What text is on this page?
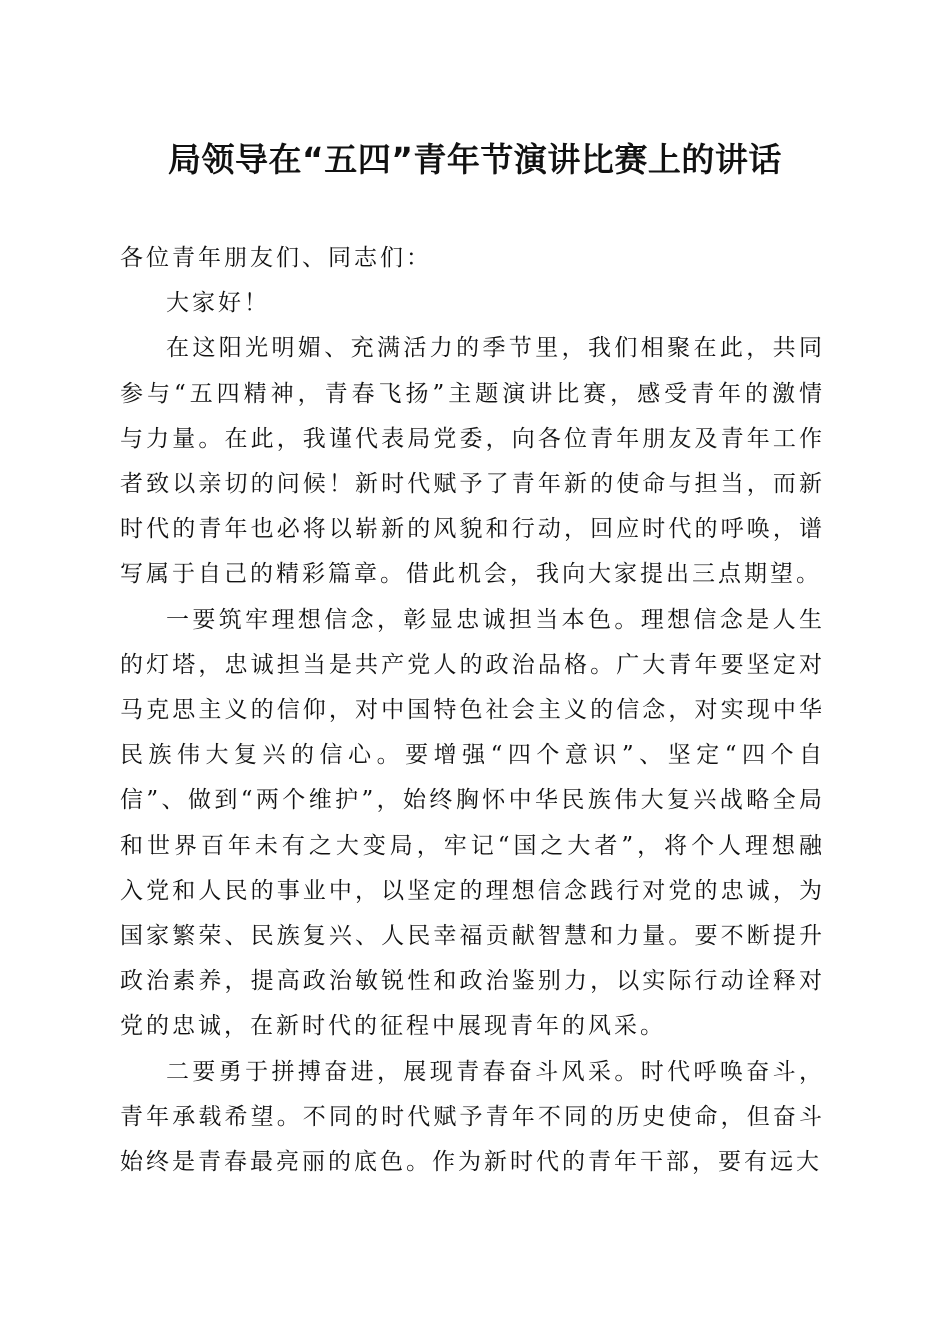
局领导在“五四”青年节演讲比赛上的讲话

各位青年朋友们、同志们：

大家好！

在这阳光明媚、充满活力的季节里，我们相聚在此，共同参与“五四精神，青春飞扬”主题演讲比赛，感受青年的激情与力量。在此，我谨代表局党委，向各位青年朋友及青年工作者致以亲切的问候！新时代赋予了青年新的使命与担当，而新时代的青年也必将以崭新的风貌和行动，回应时代的呼唤，谱写属于自己的精彩篇章。借此机会，我向大家提出三点期望。

一要筑牢理想信念，彰显忠诚担当本色。理想信念是人生的灯塔，忠诚担当是共产党人的政治品格。广大青年要坚定对马克思主义的信仰，对中国特色社会主义的信念，对实现中华民族伟大复兴的信心。要增强“四个意识”、坚定“四个自信”、做到“两个维护”，始终胸怀中华民族伟大复兴战略全局和世界百年未有之大变局，牢记“国之大者”，将个人理想融入党和人民的事业中，以坚定的理想信念践行对党的忠诚，为国家繁荣、民族复兴、人民幸福贡献智慧和力量。要不断提升政治素养，提高政治敏锐性和政治鉴别力，以实际行动诠释对党的忠诚，在新时代的征程中展现青年的风采。

二要勇于拼搏奋进，展现青春奋斗风采。时代呼唤奋斗，青年承载希望。不同的时代赋予青年不同的历史使命，但奋斗始终是青春最亮丽的底色。作为新时代的青年干部，要有远大
